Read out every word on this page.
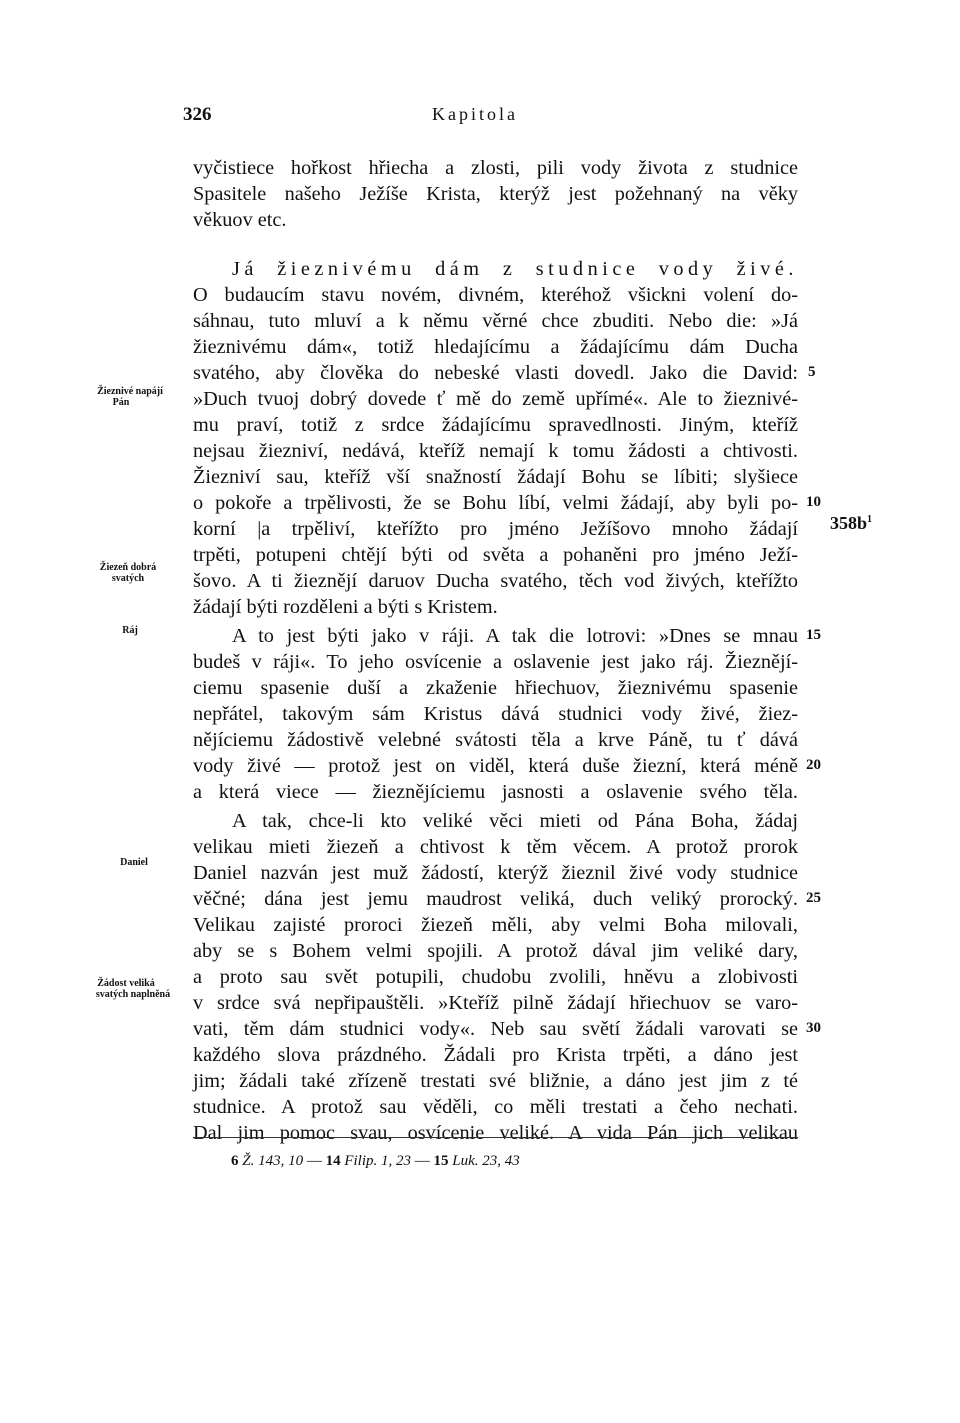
326	Kapitola
vyčistiece hořkost hřiecha a zlosti, pili vody života z studnice
Spasitele našeho Ježíše Krista, kterýž jest požehnaný na věky
věkuov etc.
Já žieznivému dám z studnice vody živé.
O budaucím stavu novém, divném, kteréhož všickni volení do-
sáhnau, tuto mluví a k němu věrné chce zbuditi. Nebo die: »Já
žieznivému dám«, totiž hledajícímu a žádajícímu dám Ducha
svatého, aby člověka do nebeské vlasti dovedl. Jako die David:
»Duch tvuoj dobrý dovede ť mě do země upřímé«. Ale to žieznivé-
mu praví, totiž z srdce žádajícímu spravedlnosti. Jiným, kteříž
nejsau žiezniví, nedává, kteříž nemají k tomu žádosti a chtivosti.
Žiezniví sau, kteříž vší snažností žádají Bohu se líbiti; slyšiece
o pokoře a trpělivosti, že se Bohu líbí, velmi žádají, aby byli po-
korní |a trpěliví, kteřížto pro jméno Ježíšovo mnoho žádají
trpěti, potupeni chtějí býti od světa a pohaněni pro jméno Ježí-
šovo. A ti žieznějí daruov Ducha svatého, těch vod živých, kteřížto
žádají býti rozděleni a býti s Kristem.
A to jest býti jako v ráji. A tak die lotrovi: »Dnes se mnau
budeš v ráji«. To jeho osvícenie a oslavenie jest jako ráj. Žieznějí-
ciemu spasenie duší a zkaženie hřiechuov, žieznivému spasenie
nepřátel, takovým sám Kristus dává studnici vody živé, žiez-
nějíciemu žádostivě velebné svátosti těla a krve Páně, tu ť dává
vody živé — protož jest on viděl, která duše žiezní, která méně
a která viece — žieznějíciemu jasnosti a oslavenie svého těla.
A tak, chce-li kto veliké věci mieti od Pána Boha, žádaj
velikau mieti žiezeň a chtivost k těm věcem. A protož prorok
Daniel nazván jest muž žádostí, kterýž žieznil živé vody studnice
věčné; dána jest jemu maudrost veliká, duch veliký prorocký.
Velikau zajisté proroci žiezeň měli, aby velmi Boha milovali,
aby se s Bohem velmi spojili. A protož dával jim veliké dary,
a proto sau svět potupili, chudobu zvolili, hněvu a zlobivosti
v srdce svá nepřipauštěli. »Kteříž pilně žádají hřiechuov se varo-
vati, těm dám studnici vody«. Neb sau světí žádali varovati se
každého slova prázdného. Žádali pro Krista trpěti, a dáno jest
jim; žádali také zřízeně trestati své bližnie, a dáno jest jim z té
studnice. A protož sau věděli, co měli trestati a čeho nechati.
Dal jim pomoc svau, osvícenie veliké. A vida Pán jich velikau
Žieznivé napájí
Pán
Žiezeň dobrá
svatých
Ráj
Daniel
Žádost veliká
svatých naplněná
5
10
15
20
25
30
$358b^1$
6 Ž. 143, 10 — 14 Filip. 1, 23 — 15 Luk. 23, 43
